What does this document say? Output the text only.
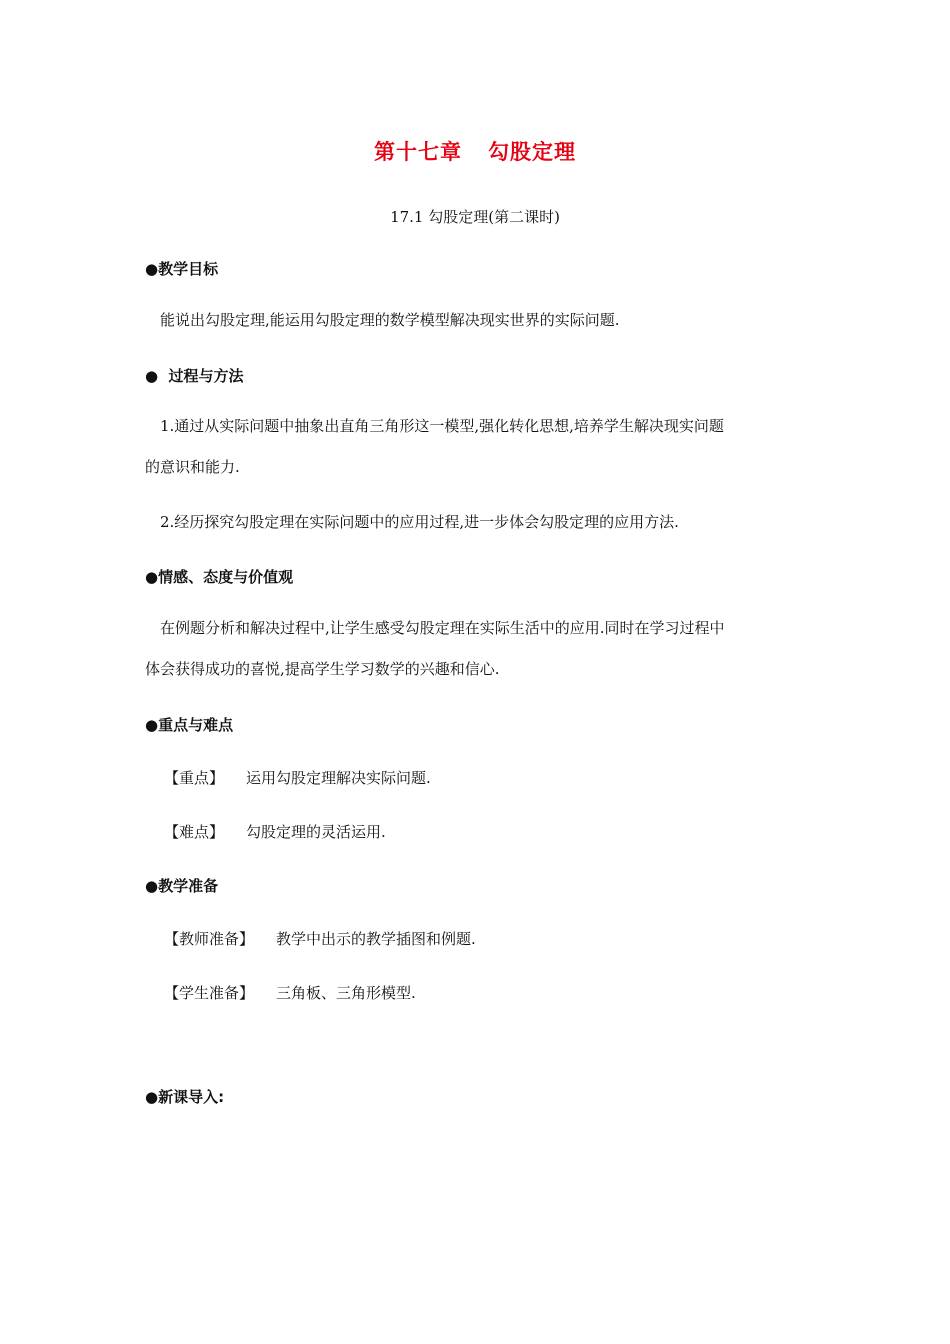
第十七章 勾股定理
17.1 勾股定理(第二课时)
●教学目标
能说出勾股定理,能运用勾股定理的数学模型解决现实世界的实际问题.
●  过程与方法
1.通过从实际问题中抽象出直角三角形这一模型,强化转化思想,培养学生解决现实问题
的意识和能力.
2.经历探究勾股定理在实际问题中的应用过程,进一步体会勾股定理的应用方法.
●情感、态度与价值观
在例题分析和解决过程中,让学生感受勾股定理在实际生活中的应用.同时在学习过程中
体会获得成功的喜悦,提高学生学习数学的兴趣和信心.
●重点与难点
【重点】 运用勾股定理解决实际问题.
【难点】 勾股定理的灵活运用.
●教学准备
【教师准备】 教学中出示的教学插图和例题.
【学生准备】 三角板、三角形模型.
●新课导入:
